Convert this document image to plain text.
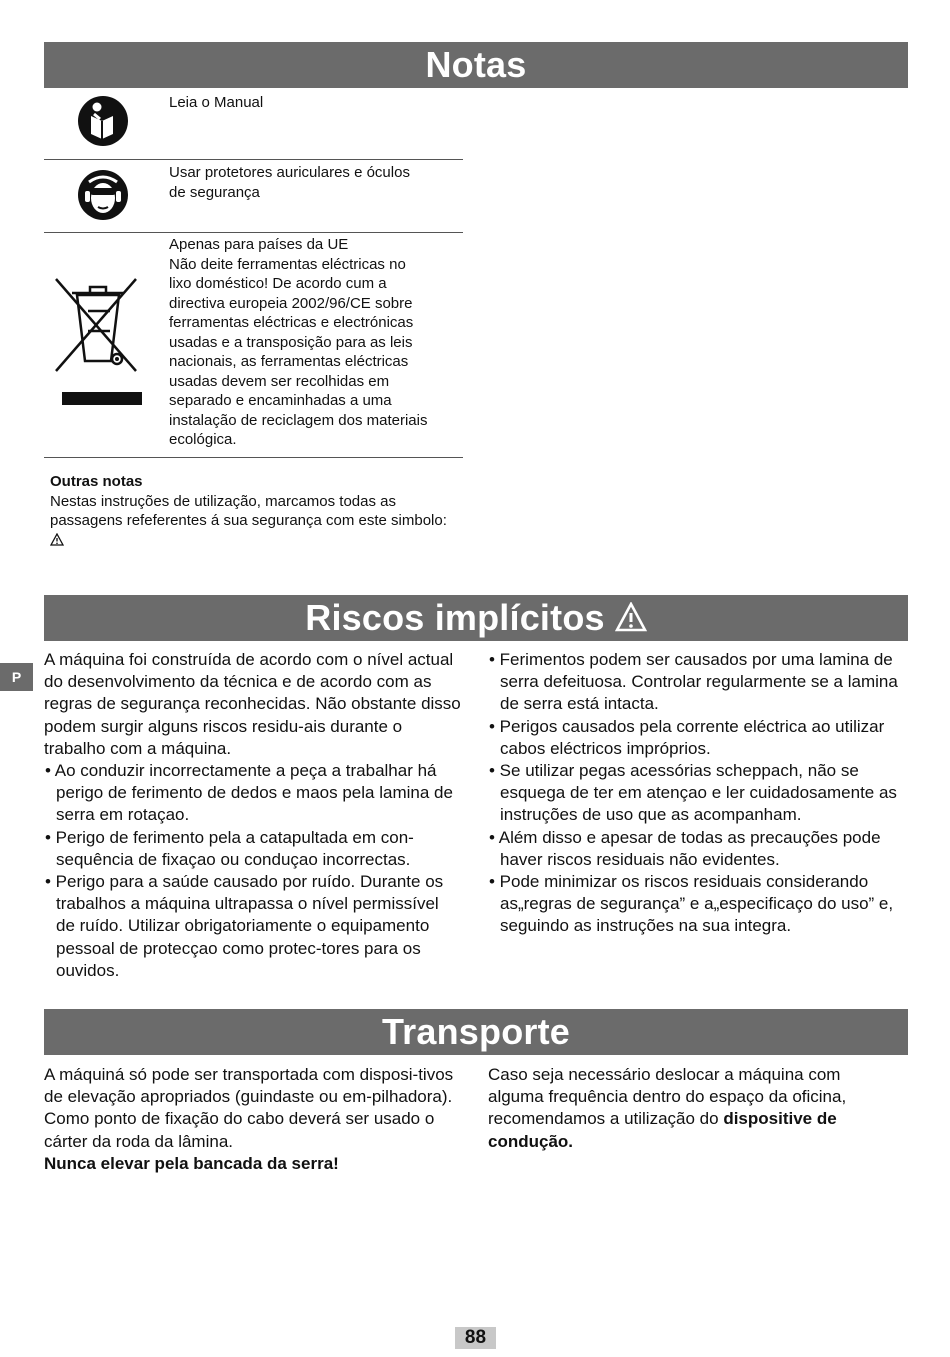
Notas
Leia o Manual
Usar protetores auriculares e óculos
de segurança
Apenas para países da UE
Não deite ferramentas eléctricas no
lixo doméstico! De acordo cum a
directiva europeia 2002/96/CE sobre
ferramentas eléctricas e electrónicas
usadas e a transposição para as leis
nacionais, as ferramentas eléctricas
usadas devem ser recolhidas em
separado e encaminhadas a uma
instalação de reciclagem dos materiais
ecológica.
Outras notas
Nestas instruções de utilização, marcamos todas as passagens refeferentes á sua segurança com este simbolo:
Riscos implícitos
P

A máquina foi construída de acordo com o nível actual do desenvolvimento da técnica e de acordo com as regras de segurança reconhecidas. Não obstante disso podem surgir alguns riscos residu-ais durante o trabalho com a máquina.

• Ao conduzir incorrectamente a peça a trabalhar há perigo de ferimento de dedos e maos pela lamina de serra em rotaçao.

• Perigo de ferimento pela a catapultada em con-sequência de fixaçao ou conduçao incorrectas.

• Perigo para a saúde causado por ruído. Durante os trabalhos a máquina ultrapassa o nível permissível de ruído. Utilizar obrigatoriamente o equipamento pessoal de protecçao como protec-tores para os ouvidos.

• Ferimentos podem ser causados por uma lamina de serra defeituosa. Controlar regularmente se a lamina de serra está intacta.

• Perigos causados pela corrente eléctrica ao utilizar cabos eléctricos impróprios.

• Se utilizar pegas acessórias scheppach, não se esquega de ter em atençao e ler cuidadosamente as instruções de uso que as acompanham.

• Além disso e apesar de todas as precauções pode haver riscos residuais não evidentes.

• Pode minimizar os riscos residuais considerando as„regras de segurança” e a„especificaço do uso” e, seguindo as instruções na sua integra.

Transporte

A máquiná só pode ser transportada com disposi-tivos de elevação apropriados (guindaste ou em-pilhadora). Como ponto de fixação do cabo deverá ser usado o cárter da roda da lâmina.

Nunca elevar pela bancada da serra!

Caso seja necessário deslocar a máquina com alguma frequência dentro do espaço da oficina, recomendamos a utilização do dispositive de condução.

88
